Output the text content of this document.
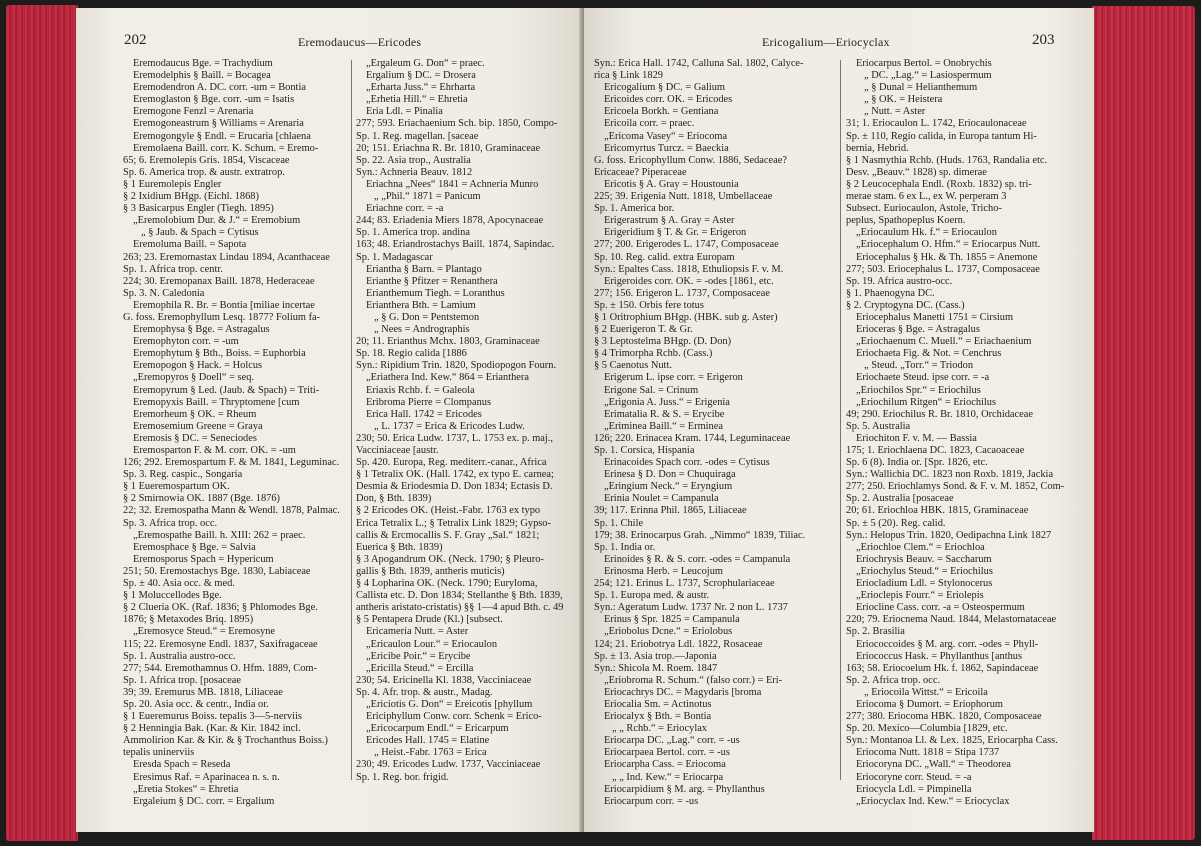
202	Eremodaucus—Ericodes
Eremodaucus Bge. = Trachydium
Eremodelphis § Baill. = Bocagea
Eremodendron A. DC. corr. -um = Bontia
Eremoglaston § Bge. corr. -um = Isatis
Eremogone Fenzl = Arenaria
Eremogoneastrum § Williams = Arenaria
Eremogongyle § Endl. = Erucaria [chlaena
Eremolaena Baill. corr. K. Schum. = Eremo-
65; 6. Eremolepis Gris. 1854, Viscaceae
Sp. 6. America trop. & austr. extratrop.
§ 1 Euremolepis Engler
§ 2 Ixidium BHgp. (Eichl. 1868)
§ 3 Basicarpus Engler (Tiegh. 1895)
„Eremolobium Dur. & J.“ = Eremobium
„ § Jaub. & Spach = Cytisus
Eremoluma Baill. = Sapota
263; 23. Eremomastax Lindau 1894, Acanthaceae
Sp. 1. Africa trop. centr.
224; 30. Eremopanax Baill. 1878, Hederaceae
Sp. 3. N. Caledonia
Eremophila R. Br. = Bontia [miliae incertae
G. foss. Eremophyllum Lesq. 1877? Folium fa-
Eremophysa § Bge. = Astragalus
Eremophyton corr. = -um
Eremophytum § Bth., Boiss. = Euphorbia
Eremopogon § Hack. = Holcus
„Eremopyros § Doell“ = seq.
Eremopyrum § Led. (Jaub. & Spach) = Triti-
Eremopyxis Baill. = Thryptomene [cum
Eremorheum § OK. = Rheum
Eremosemium Greene = Graya
Eremosis § DC. = Seneciodes
Eremosparton F. & M. corr. OK. = -um
126; 292. Eremospartum F. & M. 1841, Leguminac.
Sp. 3. Reg. caspic., Songaria
§ 1 Eueremospartum OK.
§ 2 Smirnowia OK. 1887 (Bge. 1876)
22; 32. Eremospatha Mann & Wendl. 1878, Palmac.
Sp. 3. Africa trop. occ.
„Eremospathe Baill. h. XIII: 262 = praec.
Eremosphace § Bge. = Salvia
Eremosporus Spach = Hypericum
251; 50. Eremostachys Bge. 1830, Labiaceae
Sp. ± 40. Asia occ. & med.
§ 1 Moluccellodes Bge.
§ 2 Clueria OK. (Raf. 1836; § Phlomodes Bge.
1876; § Metaxodes Briq. 1895)
„Eremosyce Steud.“ = Eremosyne
115; 22. Eremosyne Endl. 1837, Saxifragaceae
Sp. 1. Australia austro-occ.
277; 544. Eremothamnus O. Hfm. 1889, Com-
Sp. 1. Africa trop. [posaceae
39; 39. Eremurus MB. 1818, Liliaceae
Sp. 20. Asia occ. & centr., India or.
§ 1 Eueremurus Boiss. tepalis 3—5-nerviis
§ 2 Henningia Bak. (Kar. & Kir. 1842 incl.
Ammolirion Kar. & Kir. & § Trochanthus Boiss.)
tepalis uninerviis
Eresda Spach = Reseda
Eresimus Raf. = Aparinacea n. s. n.
„Eretia Stokes“ = Ehretia
Ergaleium § DC. corr. = Ergalium
„Ergaleum G. Don“ = praec.
Ergalium § DC. = Drosera
„Erharta Juss.“ = Ehrharta
„Erhetia Hill.“ = Ehretia
Eria Ldl. = Pinalia
277; 593. Eriachaenium Sch. bip. 1850, Compo-
Sp. 1. Reg. magellan. [saceae
20; 151. Eriachna R. Br. 1810, Graminaceae
Sp. 22. Asia trop., Australia
Syn.: Achneria Beauv. 1812
Eriachna „Nees“ 1841 = Achneria Munro
„ „Phil.“ 1871 = Panicum
Eriachne corr. = -a
244; 83. Eriadenia Miers 1878, Apocynaceae
Sp. 1. America trop. andina
163; 48. Eriandrostachys Baill. 1874, Sapindac.
Sp. 1. Madagascar
Eriantha § Barn. = Plantago
Erianthe § Pfitzer = Renanthera
Erianthemum Tiegh. = Loranthus
Erianthera Bth. = Lamium
„ § G. Don = Pentstemon
„ Nees = Andrographis
20; 11. Erianthus Mchx. 1803, Graminaceae
Sp. 18. Regio calida [1886
Syn.: Ripidium Trin. 1820, Spodiopogon Fourn.
„Eriathera Ind. Kew.“ 864 = Erianthera
Eriaxis Rchb. f. = Galeola
Eribroma Pierre = Clompanus
Erica Hall. 1742 = Ericodes
„ L. 1737 = Erica & Ericodes Ludw.
230; 50. Erica Ludw. 1737, L. 1753 ex. p. maj.,
Vacciniaceae [austr.
Sp. 420. Europa, Reg. mediterr.-canar., Africa
§ 1 Tetralix OK. (Hall. 1742, ex typo E. carnea;
Desmia & Eriodesmia D. Don 1834; Ectasis D.
Don, § Bth. 1839)
§ 2 Ericodes OK. (Heist.-Fabr. 1763 ex typo
Erica Tetralix L.; § Tetralix Link 1829; Gypso-
callis & Ercmocallis S. F. Gray „Sal.“ 1821;
Euerica § Bth. 1839)
§ 3 Apogandrum OK. (Neck. 1790; § Pleuro-
gallis § Bth. 1839, antheris muticis)
§ 4 Lopharina OK. (Neck. 1790; Euryloma,
Callista etc. D. Don 1834; Stellanthe § Bth. 1839,
antheris aristato-cristatis) §§ 1—4 apud Bth. c. 49
§ 5 Pentapera Drude (Kl.) [subsect.
Ericamería Nutt. = Aster
„Ericaulon Lour.“ = Eriocaulon
„Ericibe Poir.“ = Erycibe
„Ericilla Steud.“ = Ercilla
230; 54. Ericinella Kl. 1838, Vacciniaceae
Sp. 4. Afr. trop. & austr., Madag.
„Ericiotis G. Don“ = Ereicotis [phyllum
Ericiphyllum Conw. corr. Schenk = Erico-
„Ericocarpum Endl.“ = Ericarpum
Ericodes Hall. 1745 = Elatine
„ Heist.-Fabr. 1763 = Erica
230; 49. Ericodes Ludw. 1737, Vacciniaceae
Sp. 1. Reg. bor. frigid.
Ericogalium—Eriocyclax	203
Syn.: Erica Hall. 1742, Calluna Sal. 1802, Calyce-
rica § Link 1829
Ericogalium § DC. = Galium
Ericoides corr. OK. = Ericodes
Ericoela Borkh. = Gentiana
Ericoila corr. = praec.
„Ericoma Vasey“ = Eriocoma
Ericomyrtus Turcz. = Baeckia
G. foss. Ericophyllum Conw. 1886, Sedaceae?
Ericaceae? Piperaceae
Ericotis § A. Gray = Houstounia
225; 39. Erigenia Nutt. 1818, Umbellaceae
Sp. 1. America bor.
Erigerastrum § A. Gray = Aster
Erigeridium § T. & Gr. = Erigeron
277; 200. Erigerodes L. 1747, Composaceae
Sp. 10. Reg. calid. extra Europam
Syn.: Epaltes Cass. 1818, Ethuliopsis F. v. M.
Erigeroides corr. OK. = -odes [1861, etc.
277; 156. Erigeron L. 1737, Composaceae
Sp. ± 150. Orbis fere totus
§ 1 Oritrophium BHgp. (HBK. sub g. Aster)
§ 2 Euerigeron T. & Gr.
§ 3 Leptostelma BHgp. (D. Don)
§ 4 Trimorpha Rchb. (Cass.)
§ 5 Caenotus Nutt.
Erigerum L. ipse corr. = Erigeron
Erigone Sal. = Crinum
„Erigonia A. Juss.“ = Erigenia
Erimatalia R. & S. = Erycibe
„Eriminea Baill.“ = Erminea
126; 220. Erinacea Kram. 1744, Leguminaceae
Sp. 1. Corsica, Hispania
Erinacoides Spach corr. -odes = Cytisus
Erinesa § D. Don = Chuquiraga
„Eringium Neck.“ = Eryngium
Erinia Noulet = Campanula
39; 117. Erinna Phil. 1865, Liliaceae
Sp. 1. Chile
179; 38. Erinocarpus Grah. „Nimmo“ 1839, Tiliac.
Sp. 1. India or.
Erinoides § R. & S. corr. -odes = Campanula
Erinosma Herb. = Leucojum
254; 121. Erinus L. 1737, Scrophulariaceae
Sp. 1. Europa med. & austr.
Syn.: Ageratum Ludw. 1737 Nr. 2 non L. 1737
Erinus § Spr. 1825 = Campanula
„Eriobolus Dcne.“ = Eriolobus
124; 21. Eriobotrya Ldl. 1822, Rosaceae
Sp. ± 13. Asia trop.—Japonia
Syn.: Shicola M. Roem. 1847
„Eriobroma R. Schum.“ (falso corr.) = Eri-
Eriocachrys DC. = Magydaris [broma
Eriocalia Sm. = Actinotus
Eriocalyx § Bth. = Bontia
„ „ Rchb.“ = Eriocylax
Eriocarpa DC. „Lag.“ corr. = -us
Eriocarpaea Bertol. corr. = -us
Eriocarpha Cass. = Eriocoma
„ „ Ind. Kew.“ = Eriocarpa
Eriocarpidium § M. arg. = Phyllanthus
Eriocarpum corr. = -us
Eriocarpus Bertol. = Onobrychis
„ DC. „Lag.“ = Lasiospermum
„ § Dunal = Helianthemum
„ § OK. = Heistera
„ Nutt. = Aster
31; 1. Eriocaulon L. 1742, Eriocaulonaceae
Sp. ± 110, Regio calida, in Europa tantum Hi-
bernia, Hebrid.
§ 1 Nasmythia Rchb. (Huds. 1763, Randalia etc.
Desv. „Beauv.“ 1828) sp. dimerae
§ 2 Leucocephala Endl. (Roxb. 1832) sp. tri-
merae stam. 6 ex L., ex W. perperam 3
Subsect. Euriocaulon, Astole, Tricho-
peplus, Spathopeplus Koern.
„Eriocaulum Hk. f.“ = Eriocaulon
„Eriocephalum O. Hfm.“ = Eriocarpus Nutt.
Eriocephalus § Hk. & Th. 1855 = Anemone
277; 503. Eriocephalus L. 1737, Composaceae
Sp. 19. Africa austro-occ.
§ 1. Phaenogyna DC.
§ 2. Cryptogyna DC. (Cass.)
Eriocephalus Manetti 1751 = Cirsium
Erioceras § Bge. = Astragalus
„Eriochaenum C. Muell.“ = Eriachaenium
Eriochaeta Fig. & Not. = Cenchrus
„ Steud. „Torr.“ = Triodon
Eriochaete Steud. ipse corr. = -a
„Eriochilos Spr.“ = Eriochilus
„Eriochilum Ritgen“ = Eriochilus
49; 290. Eriochilus R. Br. 1810, Orchidaceae
Sp. 5. Australia
Eriochiton F. v. M. — Bassia
175; 1. Eriochlaena DC. 1823, Cacaoaceae
Sp. 6 (8). India or. [Spr. 1826, etc.
Syn.: Wallichia DC. 1823 non Roxb. 1819, Jackia
277; 250. Eriochlamys Sond. & F. v. M. 1852, Com-
Sp. 2. Australia [posaceae
20; 61. Eriochloa HBK. 1815, Graminaceae
Sp. ± 5 (20). Reg. calid.
Syn.: Helopus Trin. 1820, Oedipachna Link 1827
„Eriochloe Clem.“ = Eriochloa
Eriochrysis Beauv. = Saccharum
„Eriochylus Steud.“ = Eriochilus
Eriocladium Ldl. = Stylonocerus
„Erioclepis Fourr.“ = Eriolepis
Eriocline Cass. corr. -a = Osteospermum
220; 79. Eriocnema Naud. 1844, Melastomataceae
Sp. 2. Brasilia
Eriococcoides § M. arg. corr. -odes = Phyll-
Eriococcus Hask. = Phyllanthus [anthus
163; 58. Eriocoelum Hk. f. 1862, Sapindaceae
Sp. 2. Africa trop. occ.
„ Eriocoila Wittst.“ = Ericoila
Eriocoma § Dumort. = Eriophorum
277; 380. Eriocoma HBK. 1820, Composaceae
Sp. 20. Mexico—Columbia [1829, etc.
Syn.: Montanoa Ll. & Lex. 1825, Eriocarpha Cass.
Eriocoma Nutt. 1818 = Stipa 1737
Eriocoryna DC. „Wall.“ = Theodorea
Eriocoryne corr. Steud. = -a
Eriocycla Ldl. = Pimpinella
„Eriocyclax Ind. Kew.“ = Eriocyclax
